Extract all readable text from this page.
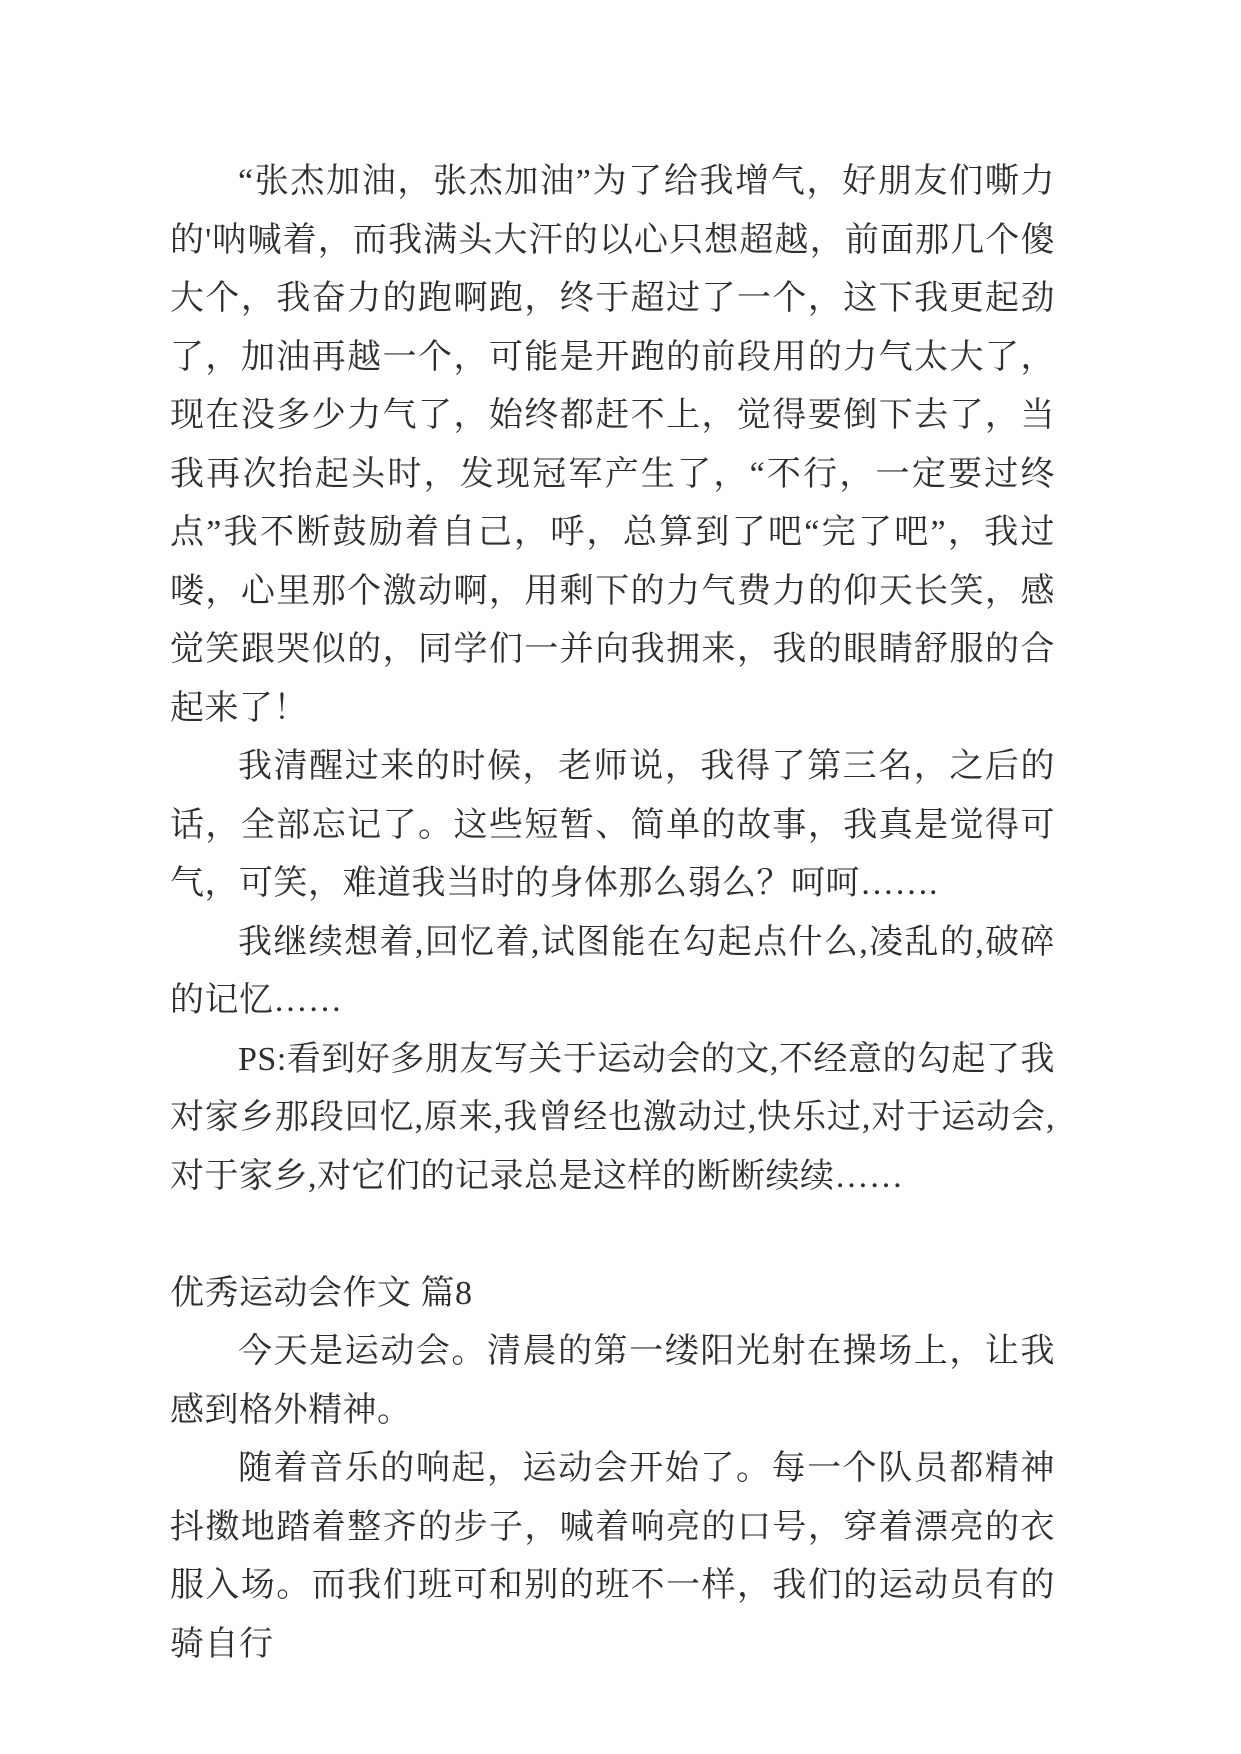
“张杰加油，张杰加油”为了给我增气，好朋友们嘶力的'呐喊着，而我满头大汗的以心只想超越，前面那几个傻大个，我奋力的跑啊跑，终于超过了一个，这下我更起劲了，加油再越一个，可能是开跑的前段用的力气太大了，现在没多少力气了，始终都赶不上，觉得要倒下去了，当我再次抬起头时，发现冠军产生了，“不行，一定要过终点”我不断鼓励着自己，呼，总算到了吧“完了吧”，我过喽，心里那个激动啊，用剩下的力气费力的仰天长笑，感觉笑跟哭似的，同学们一并向我拥来，我的眼睛舒服的合起来了！

我清醒过来的时候，老师说，我得了第三名，之后的话，全部忘记了。这些短暂、简单的故事，我真是觉得可气，可笑，难道我当时的身体那么弱么？呵呵…….

我继续想着,回忆着,试图能在勾起点什么,凌乱的,破碎的记忆……

PS:看到好多朋友写关于运动会的文,不经意的勾起了我对家乡那段回忆,原来,我曾经也激动过,快乐过,对于运动会,对于家乡,对它们的记录总是这样的断断续续……

优秀运动会作文 篇8

今天是运动会。清晨的第一缕阳光射在操场上，让我感到格外精神。

随着音乐的响起，运动会开始了。每一个队员都精神抖擞地踏着整齐的步子，喊着响亮的口号，穿着漂亮的衣服入场。而我们班可和别的班不一样，我们的运动员有的骑自行
